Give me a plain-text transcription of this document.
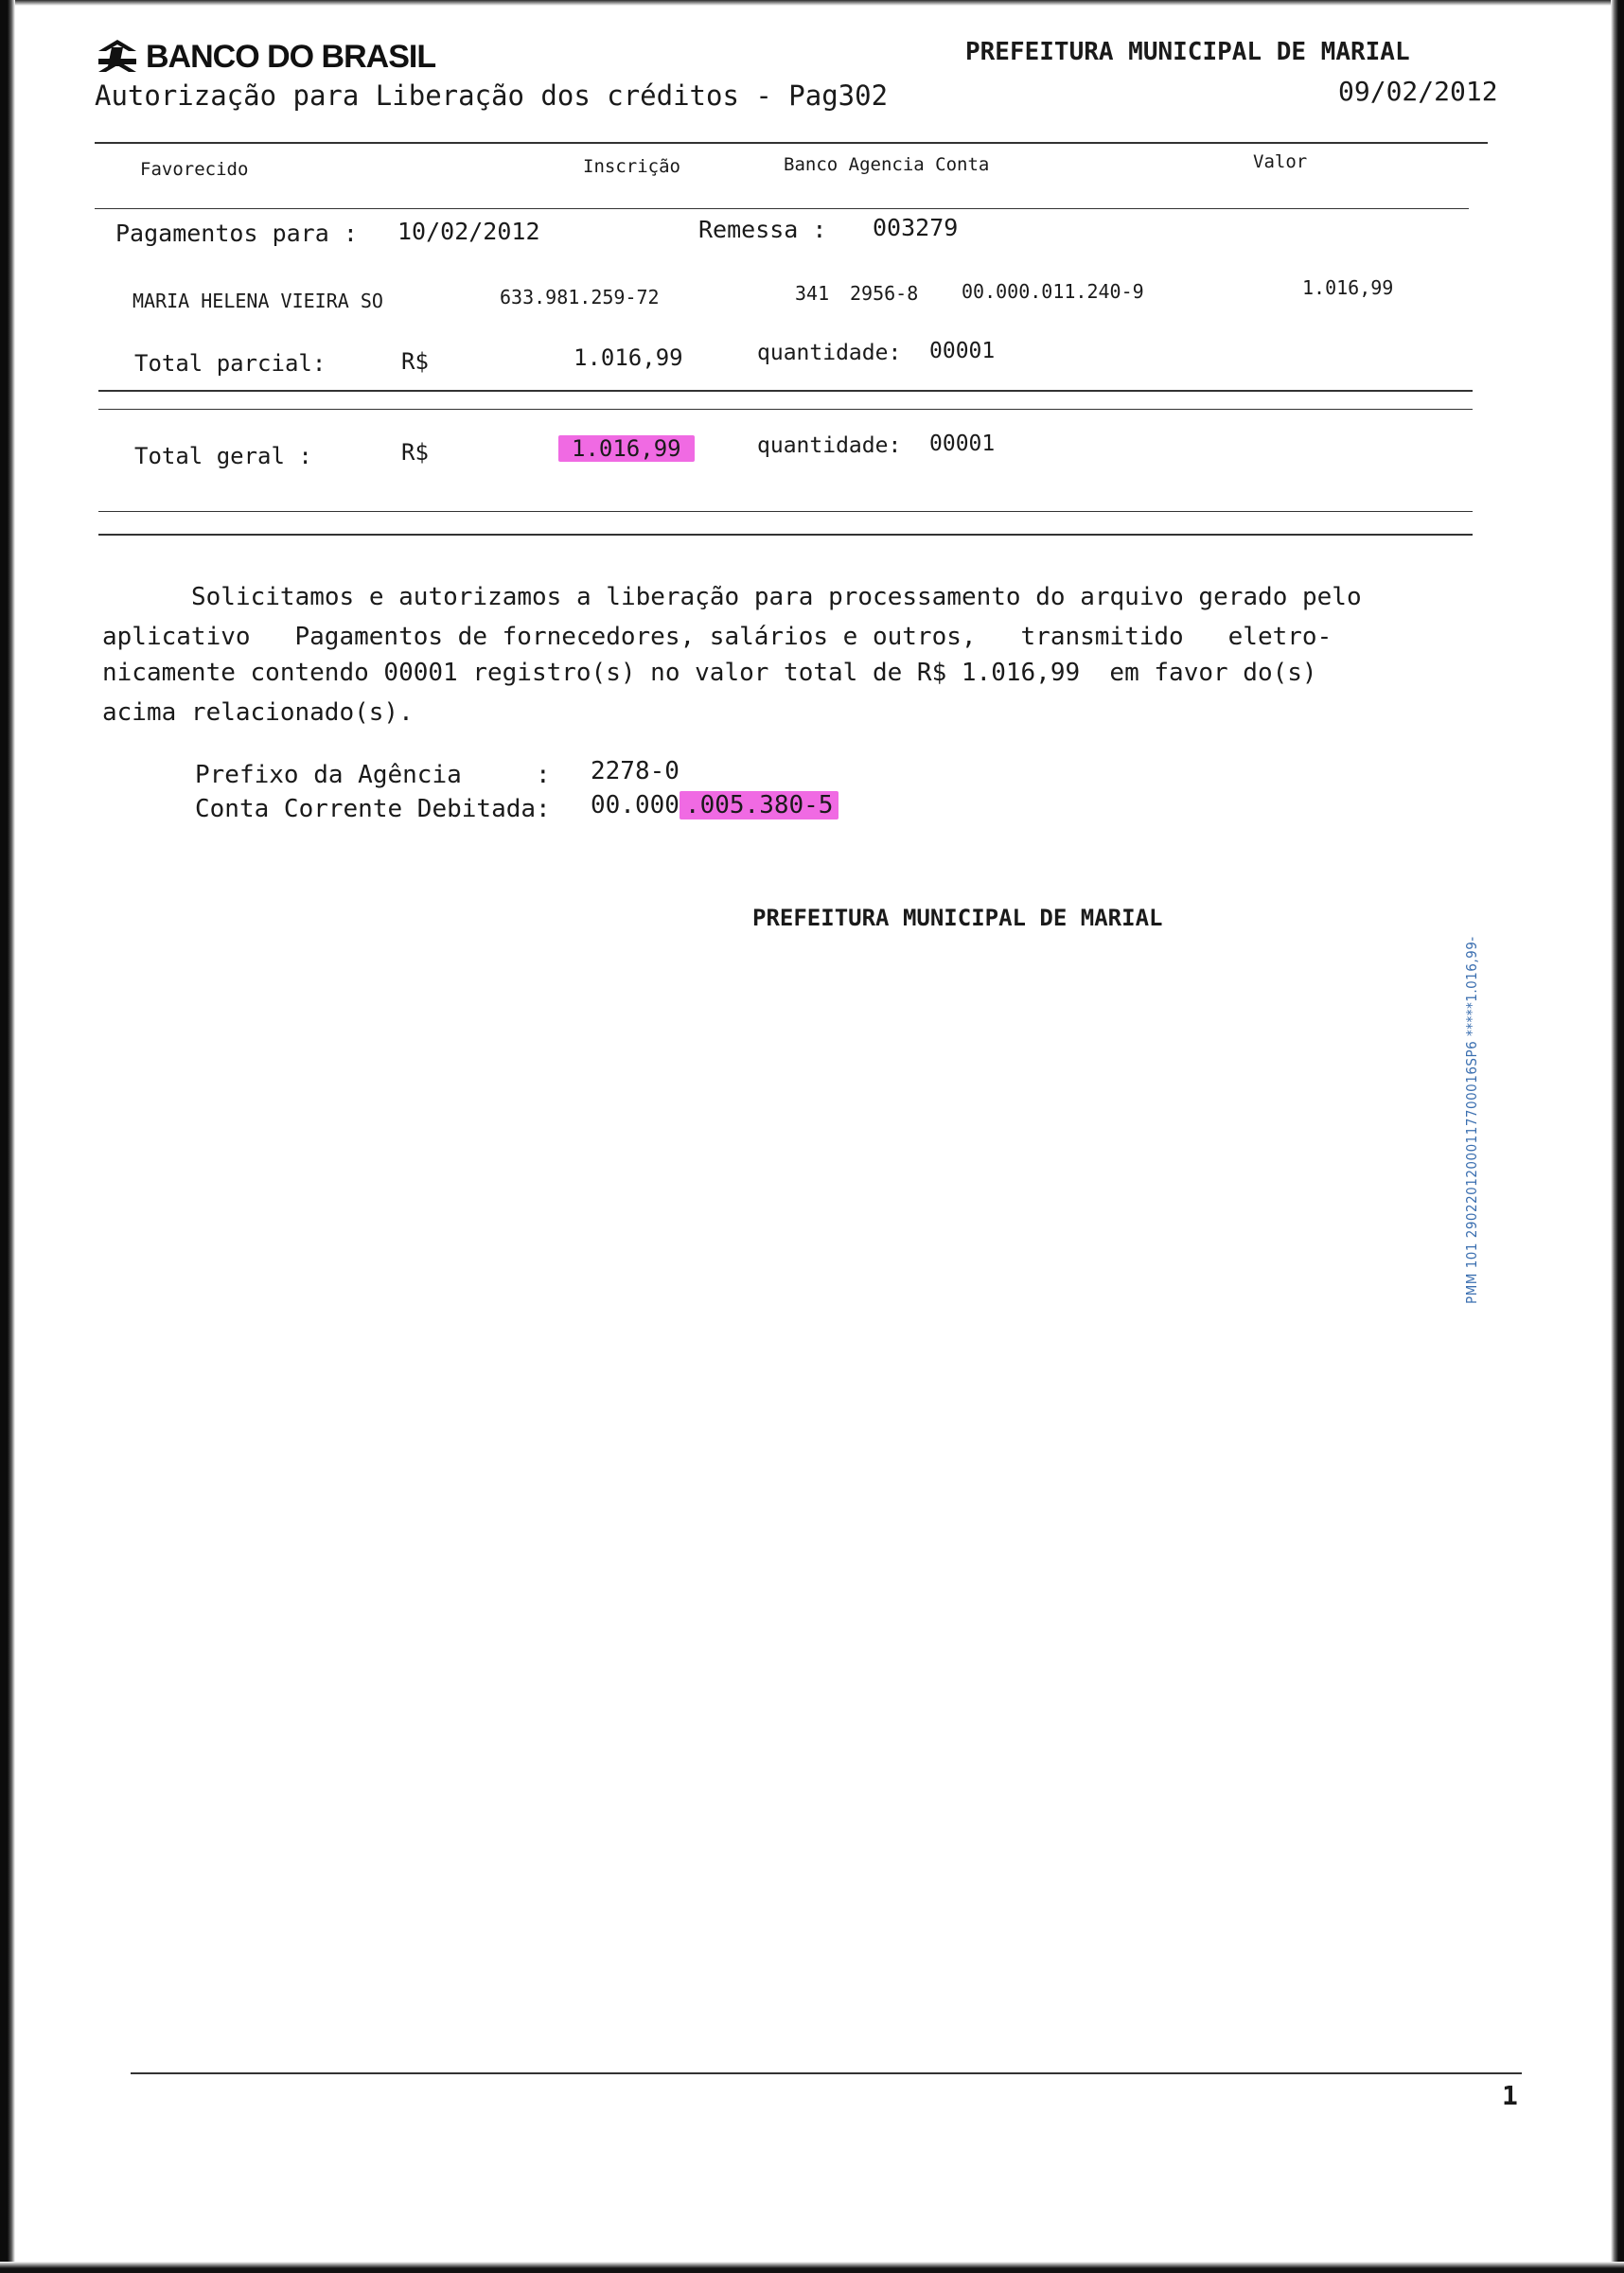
BANCO DO BRASIL
Autorização para Liberação dos créditos - Pag302
PREFEITURA MUNICIPAL DE MARIAL
09/02/2012
Favorecido	Inscrição	Banco Agencia Conta	Valor
Pagamentos para : 10/02/2012	Remessa : 003279
MARIA HELENA VIEIRA SO	633.981.259-72	341 2956-8 00.000.011.240-9	1.016,99
Total parcial:	R$	1.016,99	quantidade: 00001
Total geral :	R$	1.016,99	quantidade: 00001
Solicitamos e autorizamos a liberação para processamento do arquivo gerado pelo
aplicativo   Pagamentos de fornecedores, salários e outros,   transmitido   eletro-
nicamente contendo 00001 registro(s) no valor total de R$ 1.016,99  em favor do(s)
acima relacionado(s).
Prefixo da Agência     : 2278-0
Conta Corrente Debitada: 00.000 .005.380-5
PREFEITURA MUNICIPAL DE MARIAL
PMM 101 29022012000117700016SP6 *****1.016,99-
1
